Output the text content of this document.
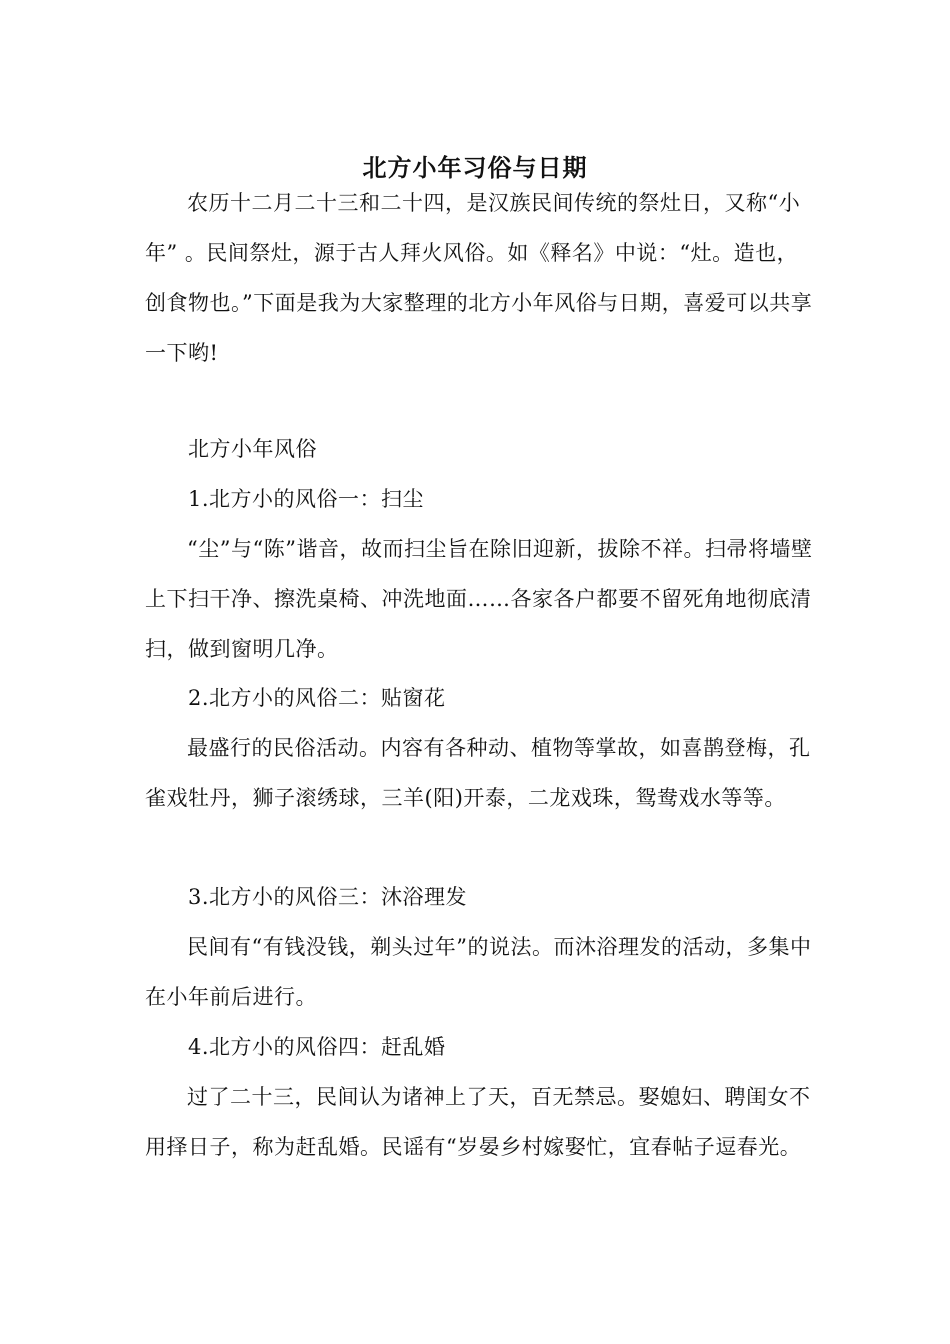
北方小年习俗与日期

农历十二月二十三和二十四，是汉族民间传统的祭灶日，又称“小年” 。民间祭灶，源于古人拜火风俗。如《释名》中说：“灶。造也，创食物也。”下面是我为大家整理的北方小年风俗与日期，喜爱可以共享一下哟!

北方小年风俗

1.北方小的风俗一：扫尘

“尘”与“陈”谐音，故而扫尘旨在除旧迎新，拔除不祥。扫帚将墙壁上下扫干净、擦洗桌椅、冲洗地面……各家各户都要不留死角地彻底清扫，做到窗明几净。

2.北方小的风俗二：贴窗花

最盛行的民俗活动。内容有各种动、植物等掌故，如喜鹊登梅，孔雀戏牡丹，狮子滚绣球，三羊(阳)开泰，二龙戏珠，鸳鸯戏水等等。

3.北方小的风俗三：沐浴理发

民间有“有钱没钱，剃头过年”的说法。而沐浴理发的活动，多集中在小年前后进行。

4.北方小的风俗四：赶乱婚

过了二十三，民间认为诸神上了天，百无禁忌。娶媳妇、聘闺女不用择日子，称为赶乱婚。民谣有“岁晏乡村嫁娶忙，宜春帖子逗春光。
